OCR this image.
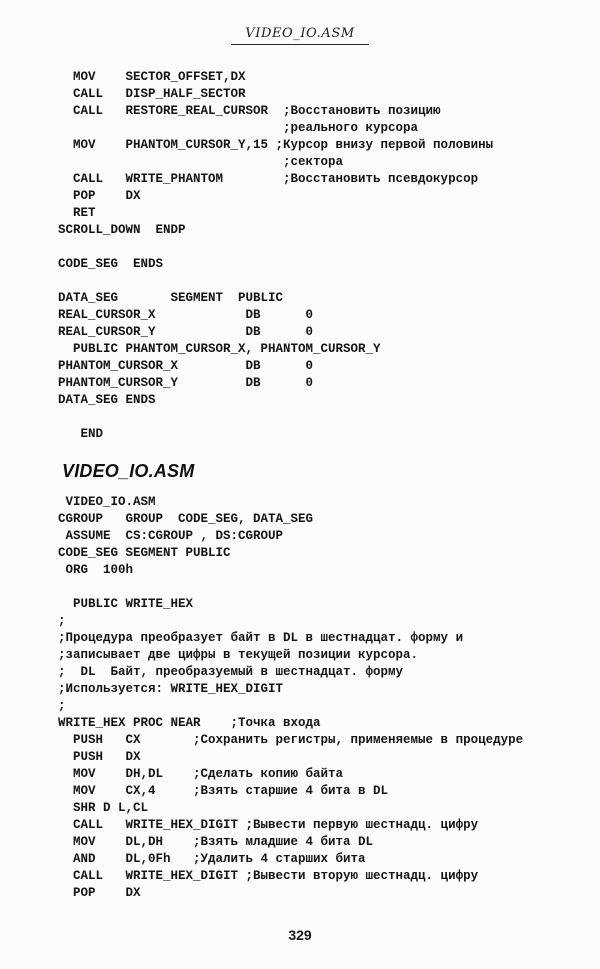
VIDEO_IO.ASM
MOV    SECTOR_OFFSET,DX
CALL   DISP_HALF_SECTOR
CALL   RESTORE_REAL_CURSOR  ;Восстановить позицию
;реального курсора
MOV    PHANTOM_CURSOR_Y,15 ;Курсор внизу первой половины
;сектора
CALL   WRITE_PHANTOM        ;Восстановить псевдокурсор
POP    DX
RET
SCROLL_DOWN  ENDP
CODE_SEG  ENDS
DATA_SEG       SEGMENT  PUBLIC
REAL_CURSOR_X            DB      0
REAL_CURSOR_Y            DB      0
PUBLIC PHANTOM_CURSOR_X, PHANTOM_CURSOR_Y
PHANTOM_CURSOR_X         DB      0
PHANTOM_CURSOR_Y         DB      0
DATA_SEG ENDS
END
VIDEO_IO.ASM
VIDEO_IO.ASM
CGROUP   GROUP  CODE_SEG, DATA_SEG
ASSUME  CS:CGROUP , DS:CGROUP
CODE_SEG SEGMENT PUBLIC
ORG  100h
PUBLIC WRITE_HEX
;
;Процедура преобразует байт в DL в шестнадцат. форму и
;записывает две цифры в текущей позиции курсора.
;  DL  Байт, преобразуемый в шестнадцат. форму
;Используется: WRITE_HEX_DIGIT
;
WRITE_HEX PROC NEAR    ;Точка входа
PUSH   CX       ;Сохранить регистры, применяемые в процедуре
PUSH   DX
MOV    DH,DL    ;Сделать копию байта
MOV    CX,4     ;Взять старшие 4 бита в DL
SHR D L,CL
CALL   WRITE_HEX_DIGIT ;Вывести первую шестнадц. цифру
MOV    DL,DH    ;Взять младшие 4 бита DL
AND    DL,0Fh   ;Удалить 4 старших бита
CALL   WRITE_HEX_DIGIT ;Вывести вторую шестнадц. цифру
POP    DX
329
